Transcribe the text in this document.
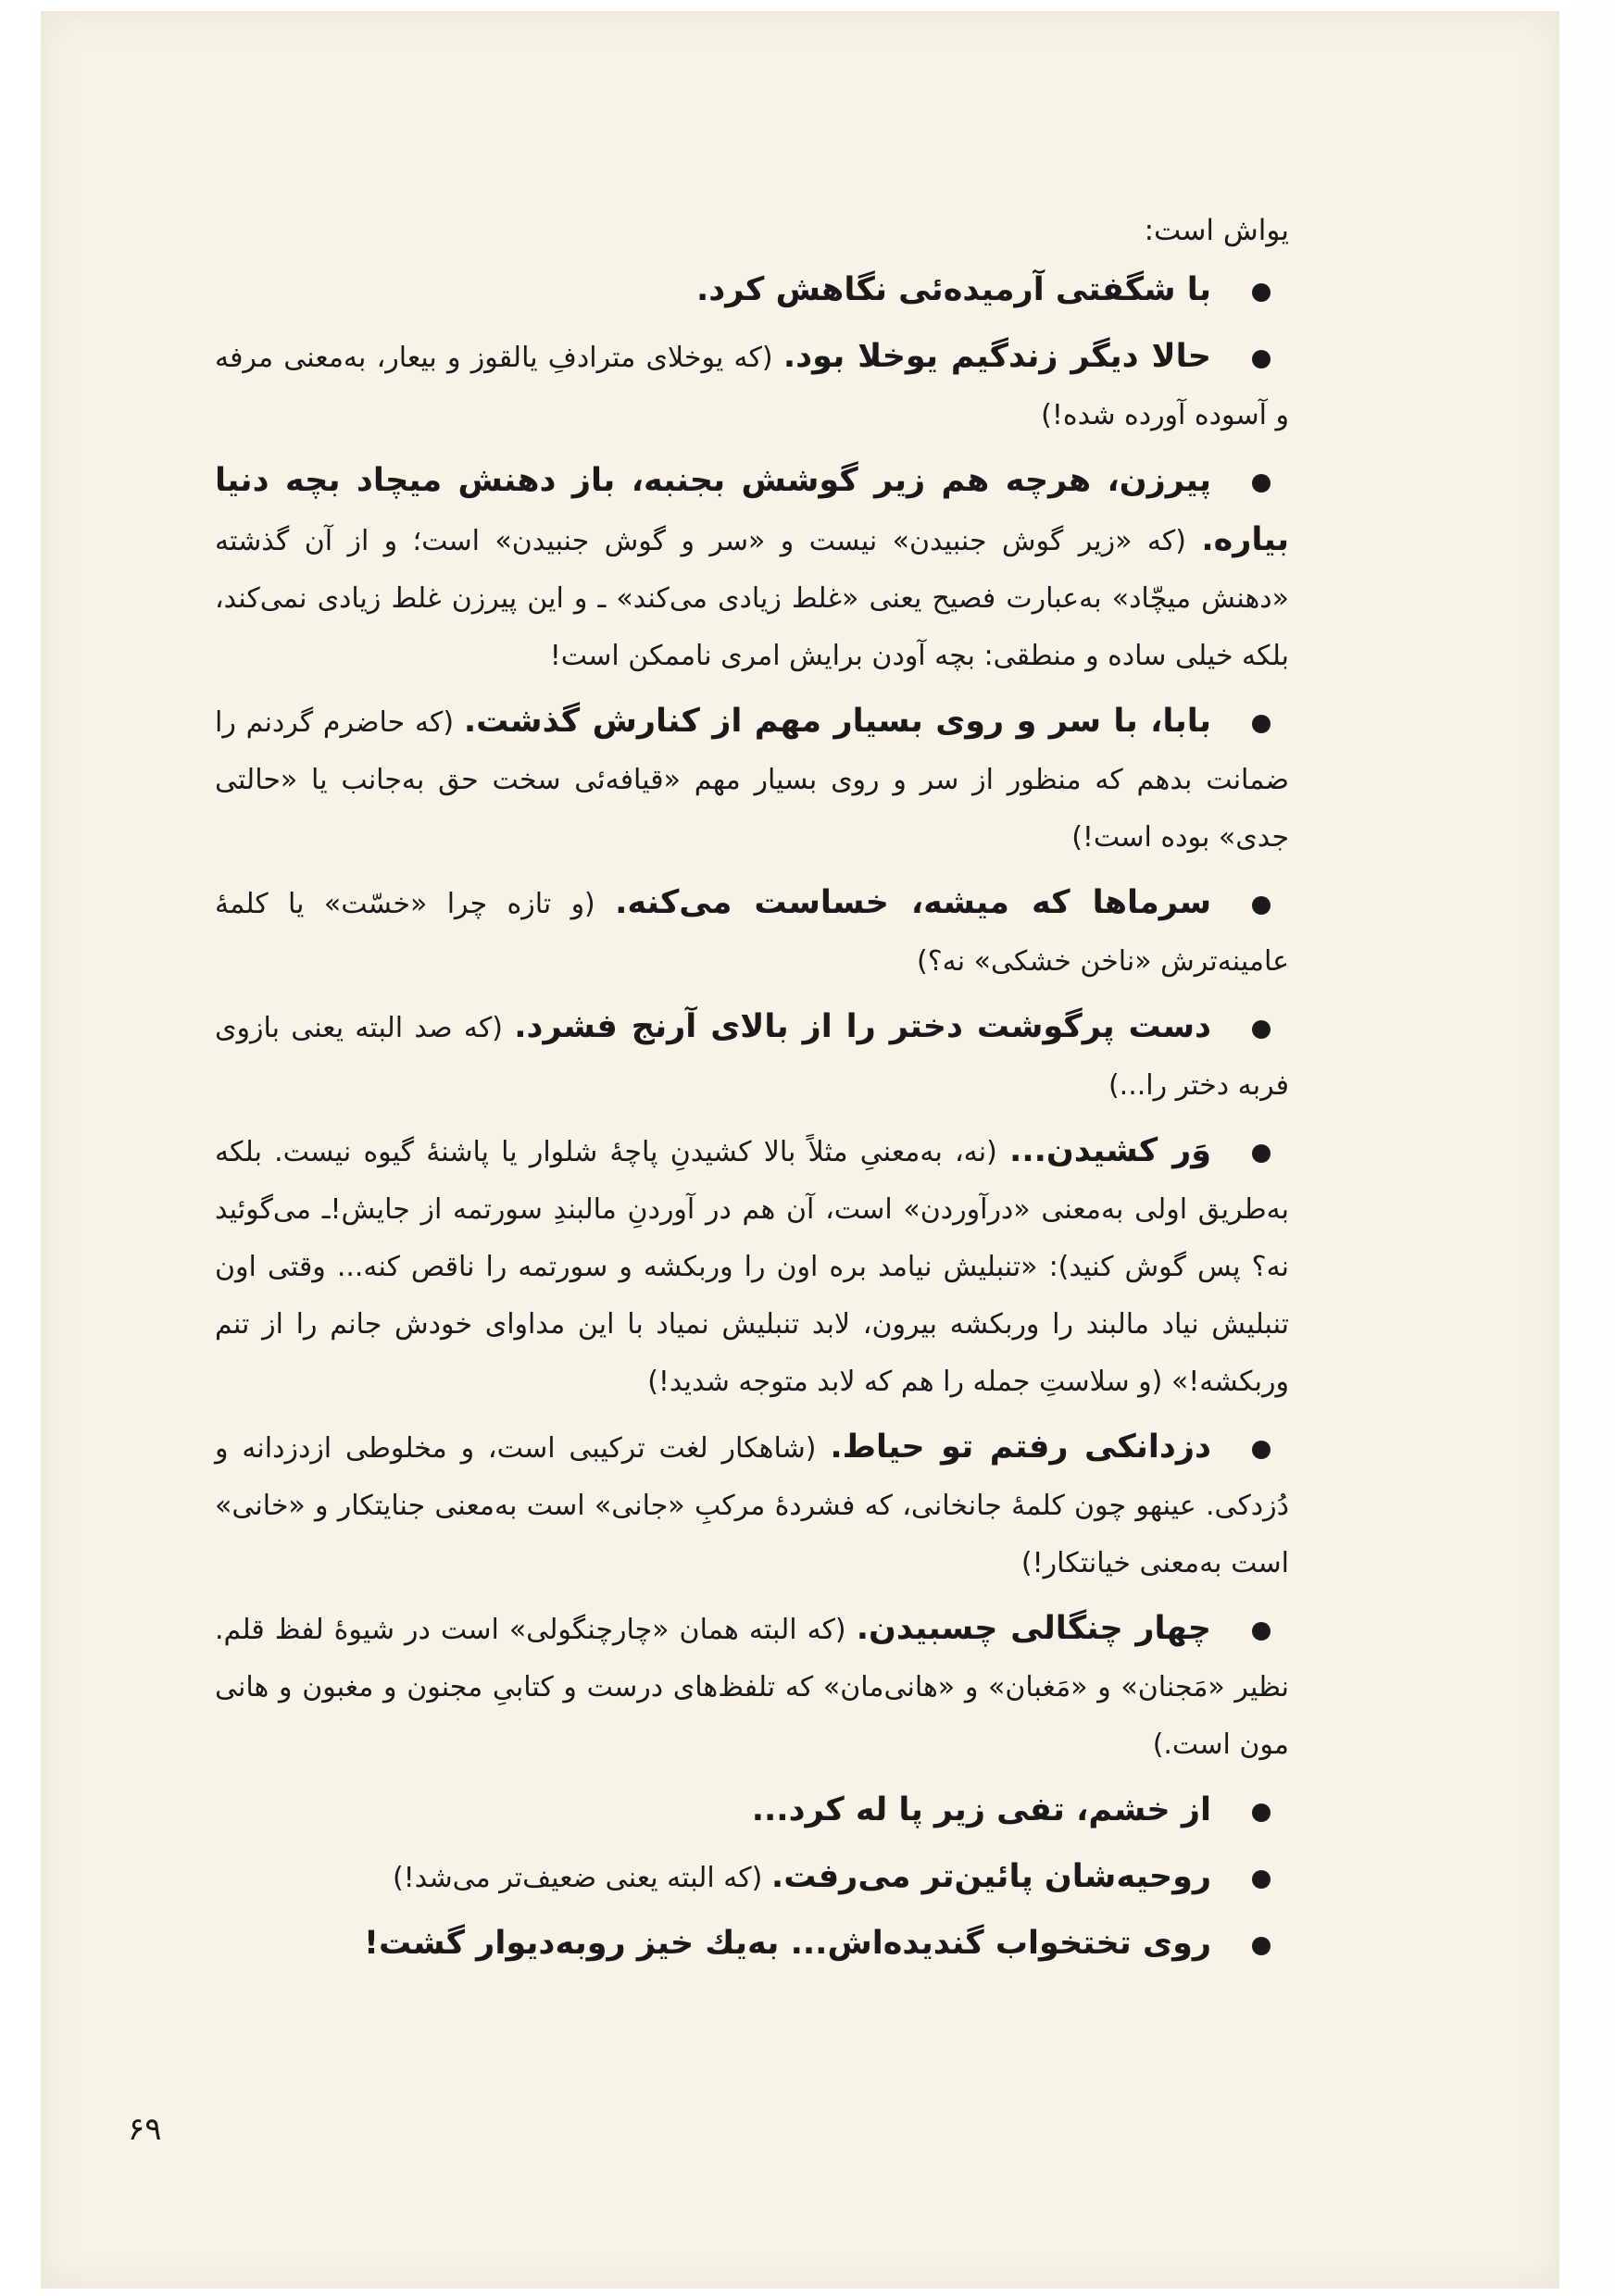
يواش است:

با شگفتی آرمیده‌ئی نگاهش کرد.

حالا دیگر زندگیم یوخلا بود. (که یوخلای مترادفِ یالقوز و بیعار، به‌معنی مرفه و آسوده آورده شده!)

پیرزن، هرچه هم زیر گوشش بجنبه، باز دهنش میچاد بچه دنیا بیاره. (که «زیر گوش جنبیدن» نیست و «سر و گوش جنبیدن» است؛ و از آن گذشته «دهنش میچّاد» به‌عبارت فصیح یعنی «غلط زیادی می‌کند» ـ و این پیرزن غلط زیادی نمی‌کند، بلکه خیلی ساده و منطقی: بچه آودن برایش امری ناممکن است!

بابا، با سر و روی بسیار مهم از کنارش گذشت. (که حاضرم گردنم را ضمانت بدهم که منظور از سر و روی بسیار مهم «قیافه‌ئی سخت حق به‌جانب یا «حالتی جدی» بوده است!)

سرماها که میشه، خساست می‌کنه. (و تازه چرا «خسّت» یا کلمهٔ عامینه‌ترش «ناخن خشکی» نه؟)

دست پرگوشت دختر را از بالای آرنج فشرد. (که صد البته یعنی بازوی فربه دختر را...)

وَر کشیدن... (نه، به‌معنیِ مثلاً بالا کشیدنِ پاچهٔ شلوار یا پاشنهٔ گیوه نیست. بلکه به‌طریق اولی به‌معنی «درآوردن» است، آن هم در آوردنِ مالبندِ سورتمه از جایش!ـ می‌گوئید نه؟ پس گوش کنید): «تنبلیش نیامد بره اون را وربکشه و سورتمه را ناقص کنه... وقتی اون تنبلیش نیاد مالبند را وربکشه بیرون، لابد تنبلیش نمیاد با این مداوای خودش جانم را از تنم وربکشه!» (و سلاستِ جمله را هم که لابد متوجه شدید!)

دزدانکی رفتم تو حیاط. (شاهکار لغت ترکیبی است، و مخلوطی ازدزدانه و دُزدکی. عینهو چون کلمهٔ جانخانی، که فشردهٔ مرکبِ «جانی» است به‌معنی جنایتکار و «خانی» است به‌معنی خیانتکار!)

چهار چنگالی چسبیدن. (که البته همان «چارچنگولی» است در شیوهٔ لفظ قلم. نظیر «مَجنان» و «مَغبان» و «هانی‌مان» که تلفظ‌های درست و کتابیِ مجنون و مغبون و هانی مون است.)

از خشم، تفی زیر پا له کرد...

روحیه‌شان پائین‌تر می‌رفت. (که البته یعنی ضعیف‌تر می‌شد!)

روی تختخواب گندیده‌اش... به‌یك خیز روبه‌دیوار گشت!

۶۹
